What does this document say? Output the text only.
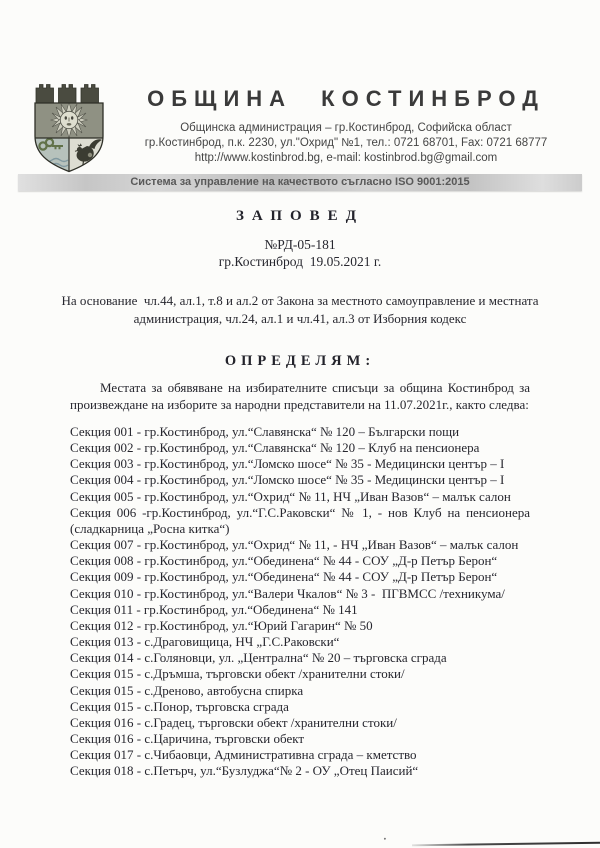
ОБЩИНА КОСТИНБРОД
Общинска администрация – гр.Костинброд, Софийска област
гр.Костинброд, п.к. 2230, ул."Охрид" №1, тел.: 0721 68701, Fax: 0721 68777
http://www.kostinbrod.bg, e-mail: kostinbrod.bg@gmail.com
Система за управление на качеството съгласно ISO 9001:2015
ЗАПОВЕД
№РД-05-181
гр.Костинброд  19.05.2021 г.

На основание  чл.44, ал.1, т.8 и ал.2 от Закона за местното самоуправление и местната администрация, чл.24, ал.1 и чл.41, ал.3 от Изборния кодекс

ОПРЕДЕЛЯМ:

Местата за обявяване на избирателните списъци за община Костинброд за произвеждане на изборите за народни представители на 11.07.2021г., както следва:

Секция 001 - гр.Костинброд, ул.“Славянска“ № 120 – Български пощи
Секция 002 - гр.Костинброд, ул.“Славянска“ № 120 – Клуб на пенсионера
Секция 003 - гр.Костинброд, ул.“Ломско шосе“ № 35 - Медицински център – I
Секция 004 - гр.Костинброд, ул.“Ломско шосе“ № 35 - Медицински център – I
Секция 005 - гр.Костинброд, ул.“Охрид“ № 11, НЧ „Иван Вазов“ – малък салон
Секция 006 -гр.Костинброд, ул.“Г.С.Раковски“ № 1, - нов Клуб на пенсионера (сладкарница „Росна китка“)
Секция 007 - гр.Костинброд, ул.“Охрид“ № 11, - НЧ „Иван Вазов“ – малък салон
Секция 008 - гр.Костинброд, ул.“Обединена“ № 44 - СОУ „Д-р Петър Берон“
Секция 009 - гр.Костинброд, ул.“Обединена“ № 44 - СОУ „Д-р Петър Берон“
Секция 010 - гр.Костинброд, ул.“Валери Чкалов“ № 3 -  ПГВМСС /техникума/
Секция 011 - гр.Костинброд, ул.“Обединена“ № 141
Секция 012 - гр.Костинброд, ул.“Юрий Гагарин“ № 50
Секция 013 - с.Драговищица, НЧ „Г.С.Раковски“
Секция 014 - с.Голяновци, ул. „Централна“ № 20 – търговска сграда
Секция 015 - с.Дръмша, търговски обект /хранителни стоки/
Секция 015 - с.Дреново, автобусна спирка
Секция 015 - с.Понор, търговска сграда
Секция 016 - с.Градец, търговски обект /хранителни стоки/
Секция 016 - с.Царичина, търговски обект
Секция 017 - с.Чибаовци, Административна сграда – кметство
Секция 018 - с.Петърч, ул.“Бузлуджа“№ 2 - ОУ „Отец Паисий“
